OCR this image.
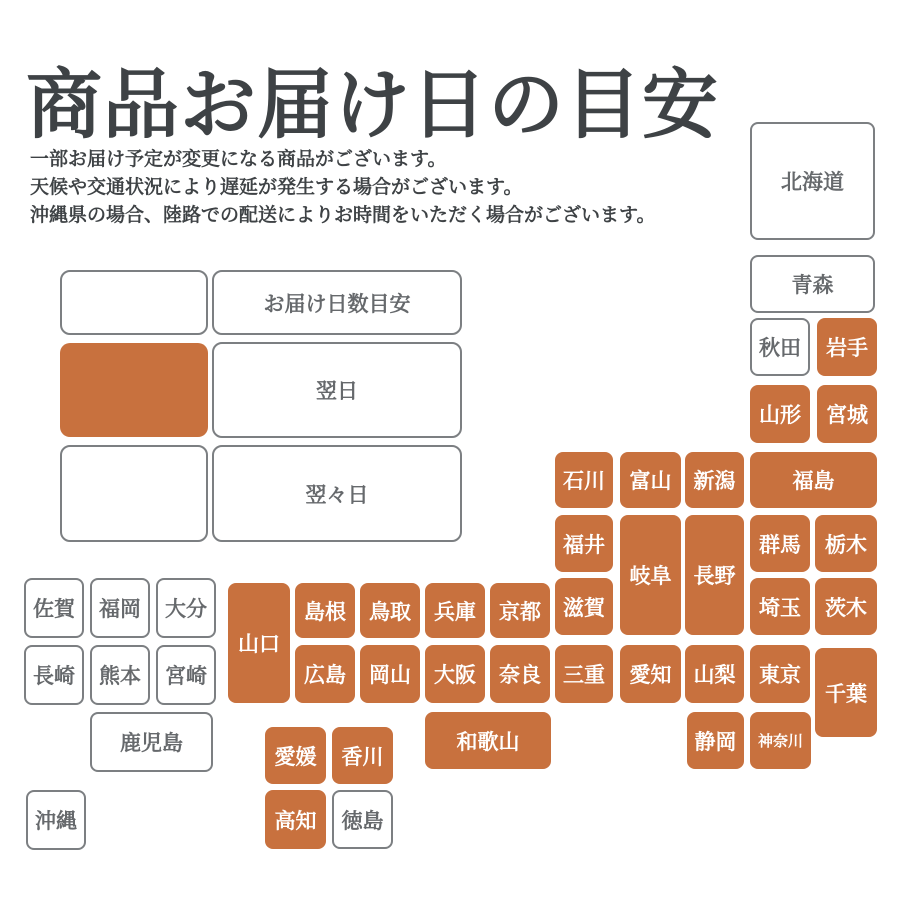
商品お届け日の目安

一部お届け予定が変更になる商品がございます。

天候や交通状況により遅延が発生する場合がございます。

沖縄県の場合、陸路での配送によりお時間をいただく場合がございます。

お届け日数目安
翌日
翌々日
北海道
青森
秋田	岩手
山形	宮城
石川	富山	新潟	福島
福井
岐阜	長野
群馬	栃木
滋賀	埼玉	茨木
佐賀	福岡	大分
山口
島根	鳥取	兵庫	京都
長崎	熊本	宮崎	広島	岡山	大阪	奈良	三重	愛知	山梨	東京
千葉
鹿児島	和歌山	静岡	神奈川
愛媛	香川
沖縄	高知	徳島
